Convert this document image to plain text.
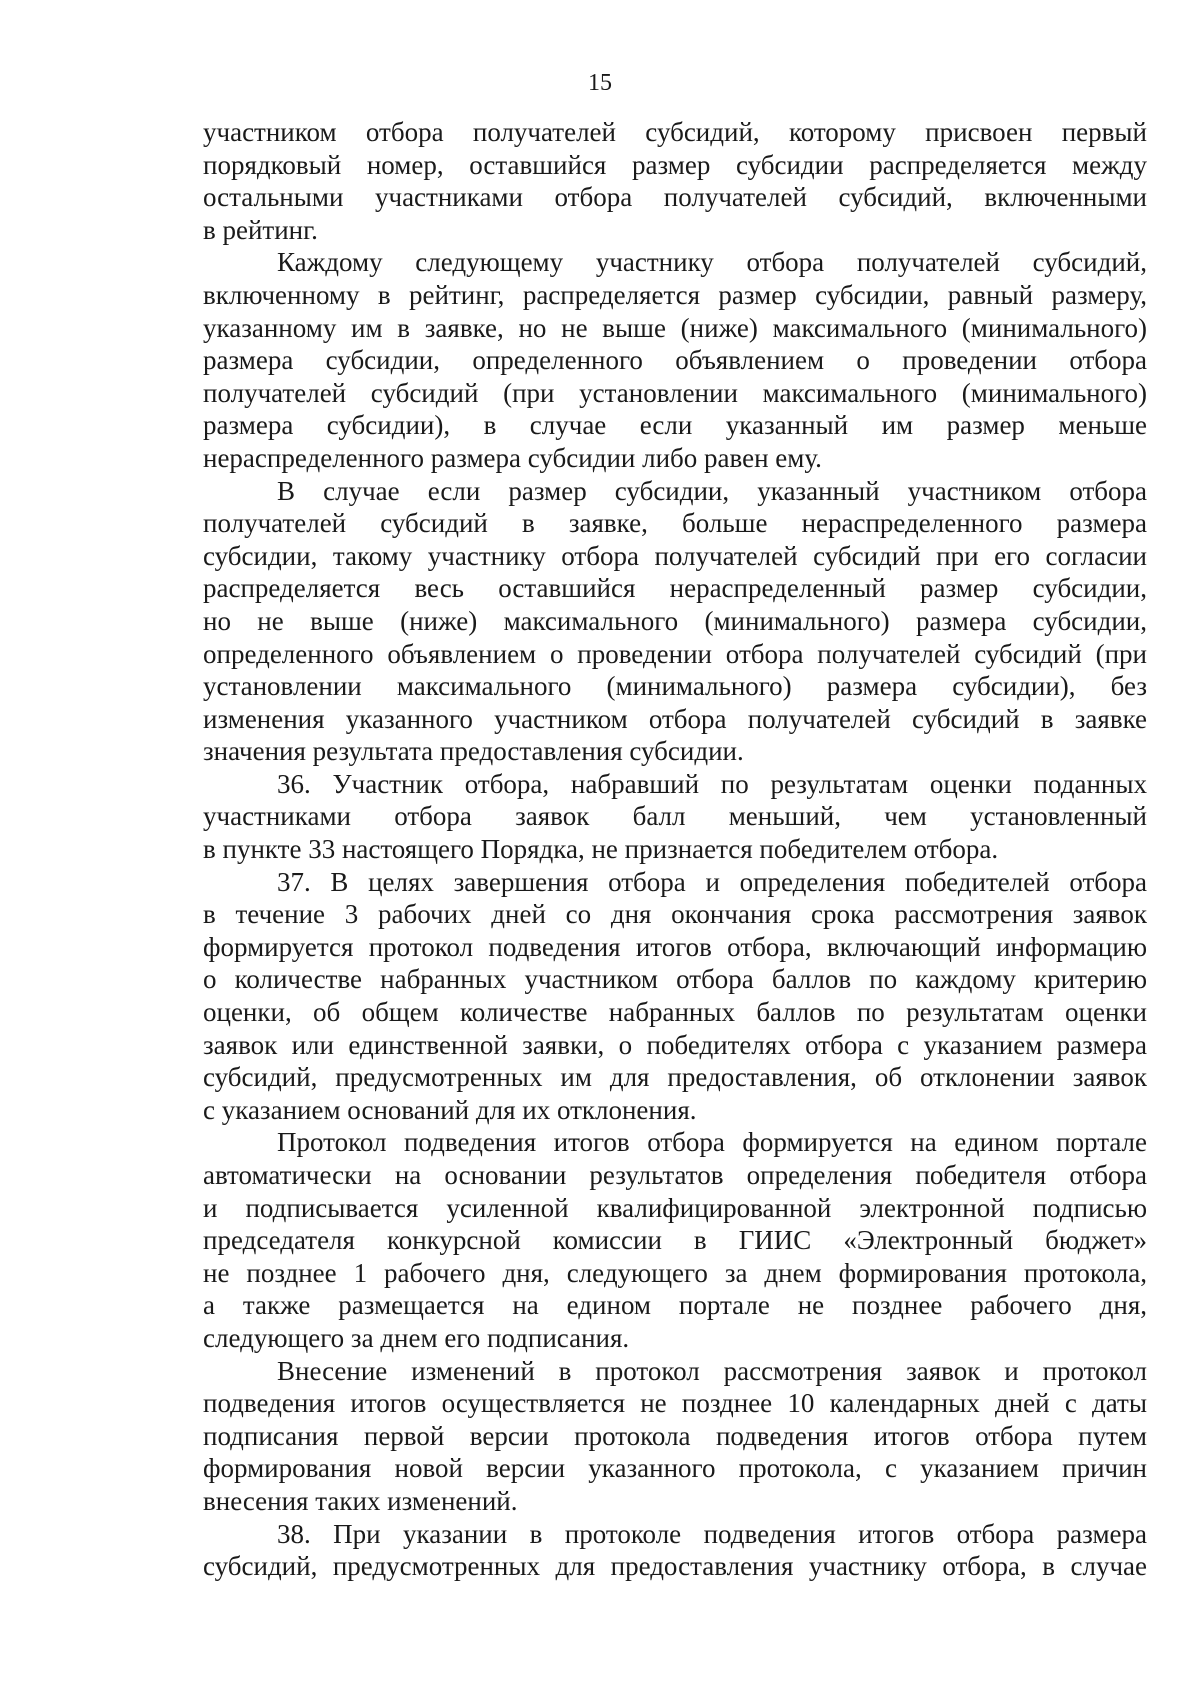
15
участником отбора получателей субсидий, которому присвоен первый
порядковый номер, оставшийся размер субсидии распределяется между
остальными участниками отбора получателей субсидий, включенными
в рейтинг.
Каждому следующему участнику отбора получателей субсидий,
включенному в рейтинг, распределяется размер субсидии, равный размеру,
указанному им в заявке, но не выше (ниже) максимального (минимального)
размера субсидии, определенного объявлением о проведении отбора
получателей субсидий (при установлении максимального (минимального)
размера субсидии), в случае если указанный им размер меньше
нераспределенного размера субсидии либо равен ему.
В случае если размер субсидии, указанный участником отбора
получателей субсидий в заявке, больше нераспределенного размера
субсидии, такому участнику отбора получателей субсидий при его согласии
распределяется весь оставшийся нераспределенный размер субсидии,
но не выше (ниже) максимального (минимального) размера субсидии,
определенного объявлением о проведении отбора получателей субсидий (при
установлении максимального (минимального) размера субсидии), без
изменения указанного участником отбора получателей субсидий в заявке
значения результата предоставления субсидии.
36. Участник отбора, набравший по результатам оценки поданных
участниками отбора заявок балл меньший, чем установленный
в пункте 33 настоящего Порядка, не признается победителем отбора.
37. В целях завершения отбора и определения победителей отбора
в течение 3 рабочих дней со дня окончания срока рассмотрения заявок
формируется протокол подведения итогов отбора, включающий информацию
о количестве набранных участником отбора баллов по каждому критерию
оценки, об общем количестве набранных баллов по результатам оценки
заявок или единственной заявки, о победителях отбора с указанием размера
субсидий, предусмотренных им для предоставления, об отклонении заявок
с указанием оснований для их отклонения.
Протокол подведения итогов отбора формируется на едином портале
автоматически на основании результатов определения победителя отбора
и подписывается усиленной квалифицированной электронной подписью
председателя конкурсной комиссии в ГИИС «Электронный бюджет»
не позднее 1 рабочего дня, следующего за днем формирования протокола,
а также размещается на едином портале не позднее рабочего дня,
следующего за днем его подписания.
Внесение изменений в протокол рассмотрения заявок и протокол
подведения итогов осуществляется не позднее 10 календарных дней с даты
подписания первой версии протокола подведения итогов отбора путем
формирования новой версии указанного протокола, с указанием причин
внесения таких изменений.
38. При указании в протоколе подведения итогов отбора размера
субсидий, предусмотренных для предоставления участнику отбора, в случае
